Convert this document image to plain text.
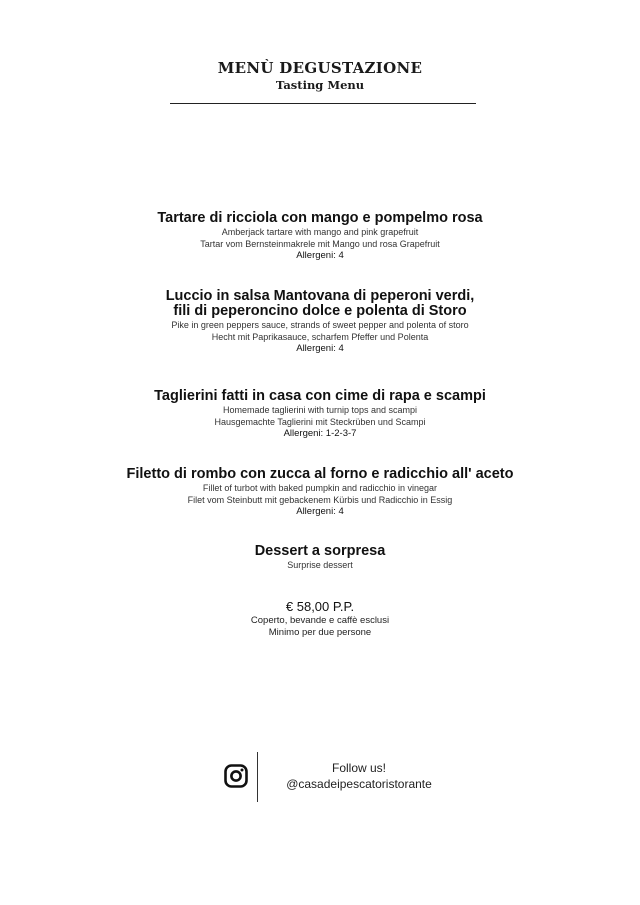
MENÙ DEGUSTAZIONE
Tasting Menu
Tartare di ricciola con mango e pompelmo rosa
Amberjack tartare with mango and pink grapefruit
Tartar vom Bernsteinmakrele mit Mango und rosa Grapefruit
Allergeni: 4
Luccio in salsa Mantovana di peperoni verdi,
fili di peperoncino dolce e polenta di Storo
Pike in green peppers sauce, strands of sweet pepper and polenta of storo
Hecht mit Paprikasauce, scharfem Pfeffer und Polenta
Allergeni: 4
Taglierini fatti in casa con cime di rapa e scampi
Homemade taglierini with turnip tops and scampi
Hausgemachte Taglierini mit Steckrüben und Scampi
Allergeni: 1-2-3-7
Filetto di rombo con zucca al forno e radicchio all' aceto
Fillet of turbot with baked pumpkin and radicchio in vinegar
Filet vom Steinbutt mit gebackenem Kürbis und Radicchio in Essig
Allergeni: 4
Dessert a sorpresa
Surprise dessert
€ 58,00 P.P.
Coperto, bevande e caffè esclusi
Minimo per due persone
Follow us!
@casadeipescatoristorante
